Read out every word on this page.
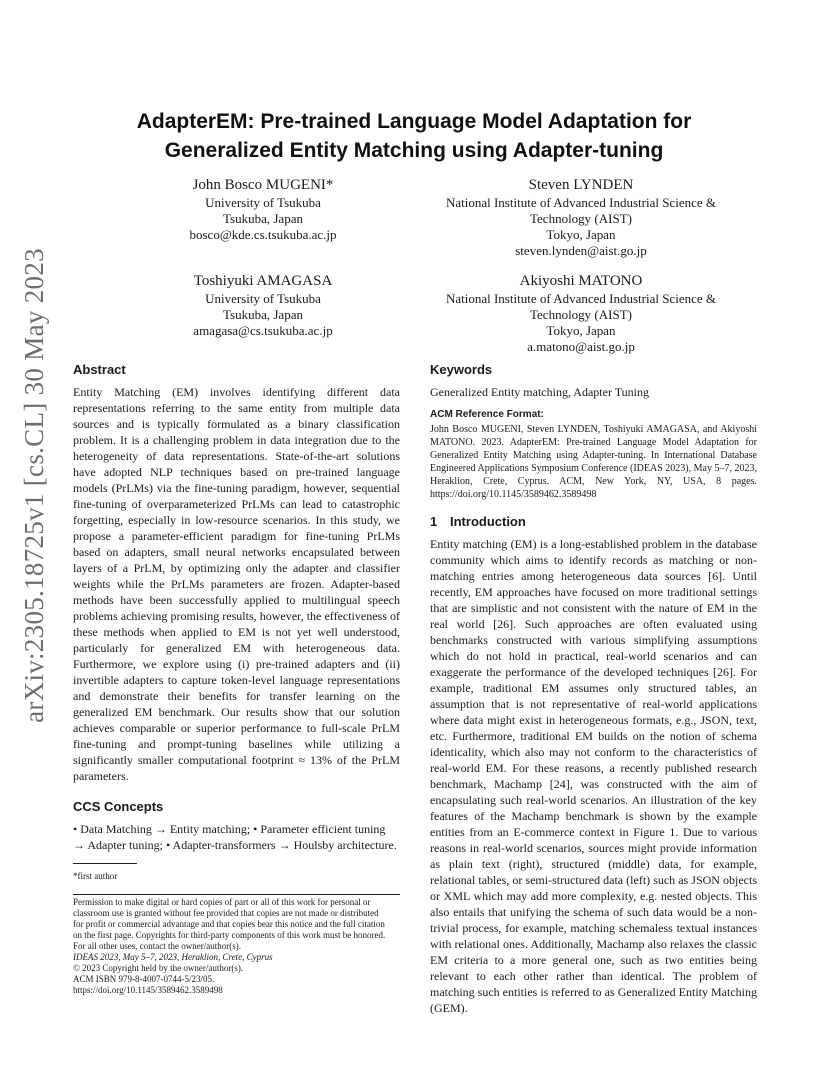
arXiv:2305.18725v1 [cs.CL] 30 May 2023
AdapterEM: Pre-trained Language Model Adaptation for
Generalized Entity Matching using Adapter-tuning
John Bosco MUGENI*
University of Tsukuba
Tsukuba, Japan
bosco@kde.cs.tsukuba.ac.jp
Steven LYNDEN
National Institute of Advanced Industrial Science &
Technology (AIST)
Tokyo, Japan
steven.lynden@aist.go.jp
Toshiyuki AMAGASA
University of Tsukuba
Tsukuba, Japan
amagasa@cs.tsukuba.ac.jp
Akiyoshi MATONO
National Institute of Advanced Industrial Science &
Technology (AIST)
Tokyo, Japan
a.matono@aist.go.jp
Abstract

Entity Matching (EM) involves identifying different data representations referring to the same entity from multiple data sources and is typically formulated as a binary classification problem. It is a challenging problem in data integration due to the heterogeneity of data representations. State-of-the-art solutions have adopted NLP techniques based on pre-trained language models (PrLMs) via the fine-tuning paradigm, however, sequential fine-tuning of overparameterized PrLMs can lead to catastrophic forgetting, especially in low-resource scenarios. In this study, we propose a parameter-efficient paradigm for fine-tuning PrLMs based on adapters, small neural networks encapsulated between layers of a PrLM, by optimizing only the adapter and classifier weights while the PrLMs parameters are frozen. Adapter-based methods have been successfully applied to multilingual speech problems achieving promising results, however, the effectiveness of these methods when applied to EM is not yet well understood, particularly for generalized EM with heterogeneous data. Furthermore, we explore using (i) pre-trained adapters and (ii) invertible adapters to capture token-level language representations and demonstrate their benefits for transfer learning on the generalized EM benchmark. Our results show that our solution achieves comparable or superior performance to full-scale PrLM fine-tuning and prompt-tuning baselines while utilizing a significantly smaller computational footprint ≈ 13% of the PrLM parameters.

CCS Concepts

• Data Matching → Entity matching; • Parameter efficient tuning → Adapter tuning; • Adapter-transformers → Houlsby architecture.

*first author
Permission to make digital or hard copies of part or all of this work for personal or
classroom use is granted without fee provided that copies are not made or distributed
for profit or commercial advantage and that copies bear this notice and the full citation
on the first page. Copyrights for third-party components of this work must be honored.
For all other uses, contact the owner/author(s).
IDEAS 2023, May 5–7, 2023, Heraklion, Crete, Cyprus
© 2023 Copyright held by the owner/author(s).
ACM ISBN 979-8-4007-0744-5/23/05.
https://doi.org/10.1145/3589462.3589498
Keywords

Generalized Entity matching, Adapter Tuning

ACM Reference Format:

John Bosco MUGENI, Steven LYNDEN, Toshiyuki AMAGASA, and Akiyoshi MATONO. 2023. AdapterEM: Pre-trained Language Model Adaptation for Generalized Entity Matching using Adapter-tuning. In International Database Engineered Applications Symposium Conference (IDEAS 2023), May 5–7, 2023, Heraklion, Crete, Cyprus. ACM, New York, NY, USA, 8 pages. https://doi.org/10.1145/3589462.3589498

1 Introduction

Entity matching (EM) is a long-established problem in the database community which aims to identify records as matching or non-matching entries among heterogeneous data sources [6]. Until recently, EM approaches have focused on more traditional settings that are simplistic and not consistent with the nature of EM in the real world [26]. Such approaches are often evaluated using benchmarks constructed with various simplifying assumptions which do not hold in practical, real-world scenarios and can exaggerate the performance of the developed techniques [26]. For example, traditional EM assumes only structured tables, an assumption that is not representative of real-world applications where data might exist in heterogeneous formats, e.g., JSON, text, etc. Furthermore, traditional EM builds on the notion of schema identicality, which also may not conform to the characteristics of real-world EM. For these reasons, a recently published research benchmark, Machamp [24], was constructed with the aim of encapsulating such real-world scenarios. An illustration of the key features of the Machamp benchmark is shown by the example entities from an E-commerce context in Figure 1. Due to various reasons in real-world scenarios, sources might provide information as plain text (right), structured (middle) data, for example, relational tables, or semi-structured data (left) such as JSON objects or XML which may add more complexity, e.g. nested objects. This also entails that unifying the schema of such data would be a non-trivial process, for example, matching schemaless textual instances with relational ones. Additionally, Machamp also relaxes the classic EM criteria to a more general one, such as two entities being relevant to each other rather than identical. The problem of matching such entities is referred to as Generalized Entity Matching (GEM).
